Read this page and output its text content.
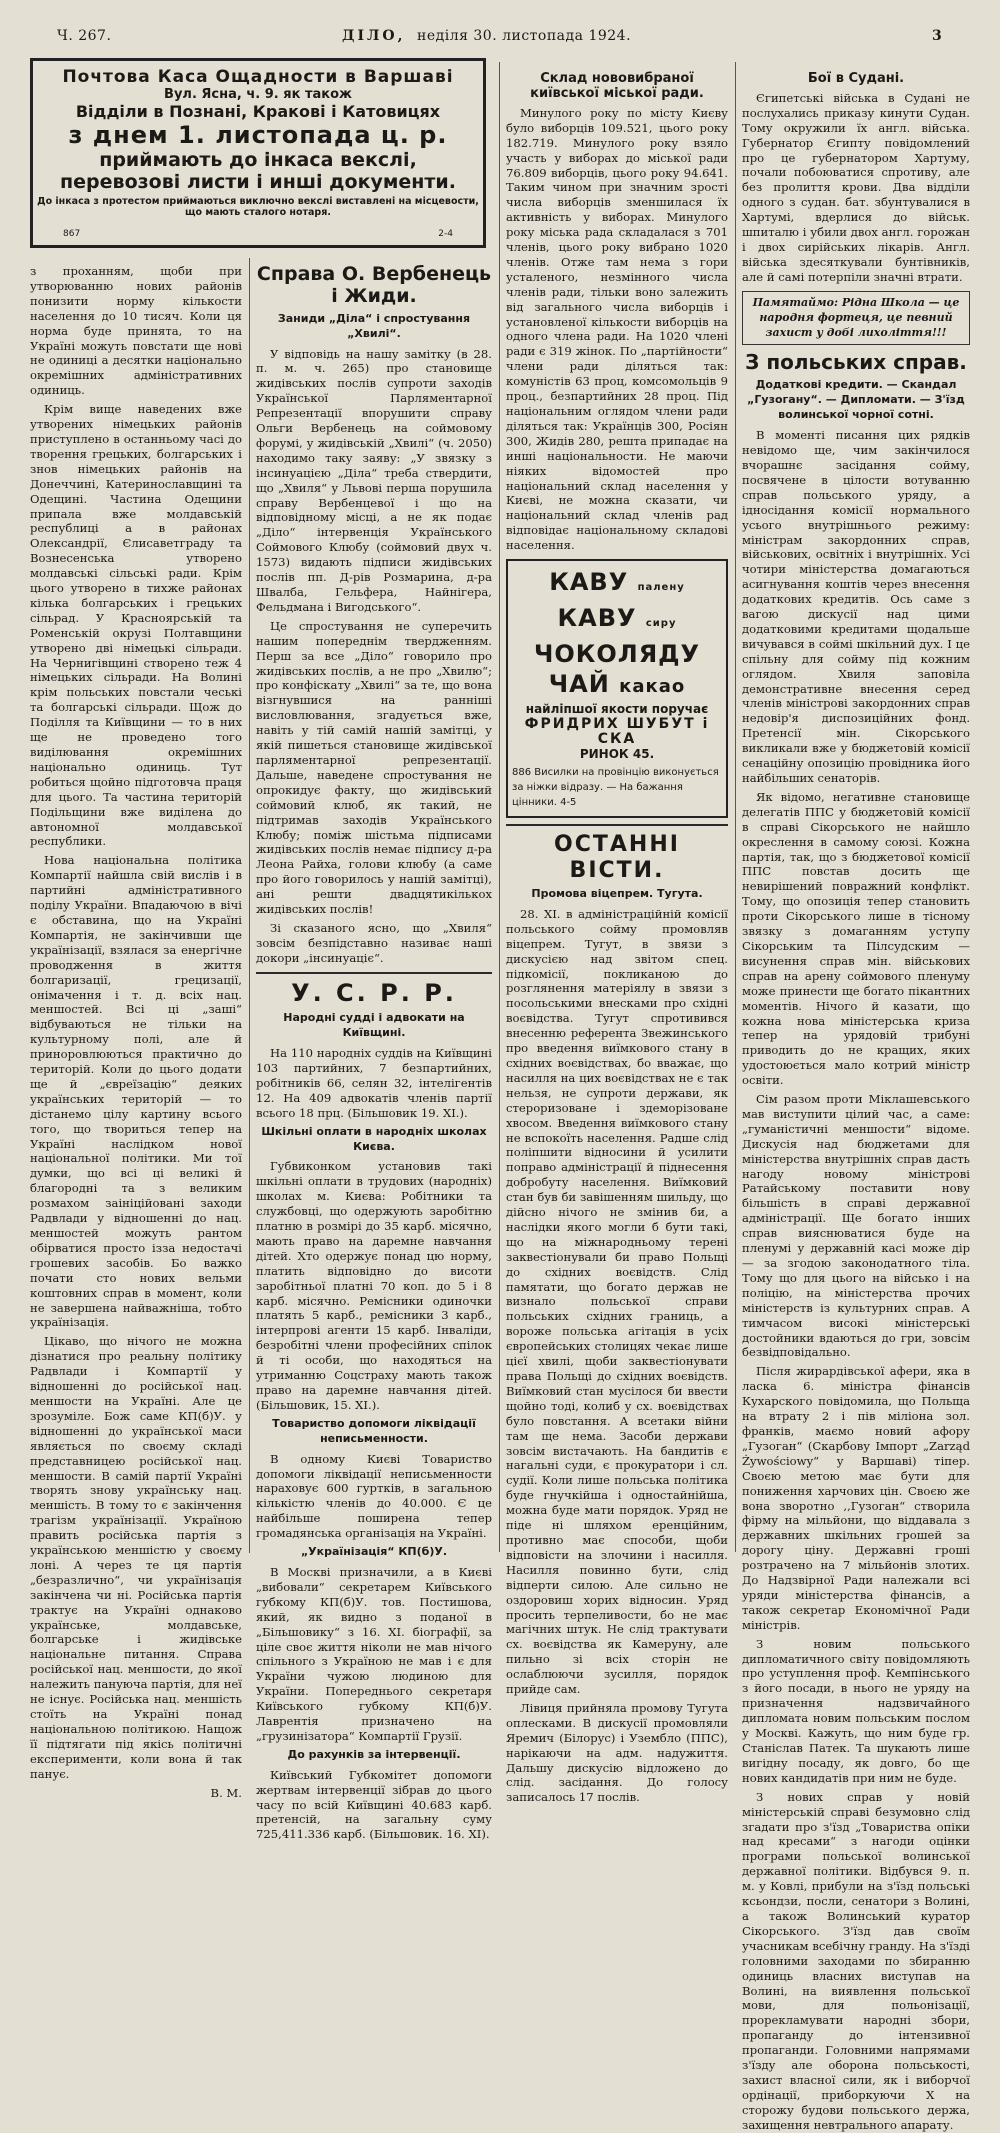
Ч. 267.	ДІЛО, неділя 30. листопада 1924.	3
Почтова Каса Ощадности в Варшаві
Вул. Ясна, ч. 9. як також
Відділи в Познані, Кракові і Катовицях
з днем 1. листопада ц. р.
приймають до інкаса векслі, перевозові листи і инші документи.
До інкаса з протестом приймаються виключно векслі виставлені на місцевости, що мають сталого нотаря.
867	2-4

з проханням, щоби при утворюванню нових районів понизити норму кількости населення до 10 тисяч. Коли ця норма буде принята, то на Україні можуть повстати ще нові не одиниці а десятки національно окремішних адміністративних одиниць.

Крім вище наведених вже утворених німецьких районів приступлено в останньому часі до творення грецьких, болгарських і знов німецьких районів на Донеччині, Катеринославщині та Одещині. Частина Одещини припала вже молдавській республиці а в районах Олександрії, Єлисаветграду та Вознесенська утворено молдавські сільські ради. Крім цього утворено в тихже районах кілька болгарських і грецьких сільрад. У Красноярській та Роменській окрузі Полтавщини утворено дві німецькі сільради. На Чернигівщині створено теж 4 німецьких сільради. На Волині крім польських повстали чеські та болгарські сільради. Щож до Поділля та Київщини — то в них ще не проведено того виділювання окремішних національно одиниць. Тут робиться щойно підготовча праця для цього. Та частина територій Подільщини вже виділена до автономної молдавської республики.

Нова національна політика Компартії найшла свій вислів і в партийні адміністративного поділу України. Впадаючою в вічі є обставина, що на Україні Компартія, не закінчивши ще українізації, взялася за енергічне проводження в життя болгаризації, грецизації, онімачення і т. д. всіх нац. меншостей. Всі ці „заші“ відбуваються не тільки на культурному полі, але й приноровлюються практично до територій. Коли до цього додати ще й „євреїзацію“ деяких українських територій — то дістанемо цілу картину всього того, що твориться тепер на Україні наслідком нової національної політики. Ми тої думки, що всі ці великі й благородні та з великим розмахом заініційовані заходи Радвлади у відношенні до нац. меншостей можуть рантом обірватися просто ізза недостачі грошевих засобів. Бо важко почати сто нових вельми коштовних справ в момент, коли не завершена найважніша, тобто українізація.

Цікаво, що нічого не можна дізнатися про реальну політику Радвлади і Компартії у відношенні до російської нац. меншости на Україні. Але це зрозуміле. Бож саме КП(б)У. у відношенні до української маси являється по своєму складі представницею російської нац. меншости. В самій партії Україні творять знову українську нац. меншість. В тому то є закінчення трагізм українізації. Україною править російська партія з українською меншістю у своєму лоні. А через те ця партія „безразлично“, чи українізація закінчена чи ні. Російська партія трактує на Україні однаково українське, молдавське, болгарське і жидівське національне питання. Справа російської нац. меншости, до якої належить пануюча партія, для неї не існує. Російська нац. меншість стоїть на Україні понад національною політикою. Нащож її підтягати під якісь політичні експерименти, коли вона й так панує.

В. М.

Справа О. Вербенець і Жиди.
Заниди „Діла“ і спростування „Хвилі“.

У відповідь на нашу замітку (в 28. п. м. ч. 265) про становище жидівських послів супроти заходів Української Парляментарної Репрезентації впорушити справу Ольги Вербенець на соймовому форумі, у жидівській „Хвилі“ (ч. 2050) находимо таку заяву: „У звязку з інсинуацією „Діла“ треба ствердити, що „Хвиля“ у Львові перша порушила справу Вербенцевої і що на відповідному місці, а не як подає „Діло“ інтервенція Українського Соймового Клюбу (соймовий двух ч. 1573) видають підписи жидівських послів пп. Д-рів Розмарина, д-ра Швалба, Гельфера, Найнігера, Фельдмана і Вигодського“.

Це спростування не суперечить нашим попереднім твердженням. Перш за все „Діло“ говорило про жидівських послів, а не про „Хвилю“; про конфіскату „Хвилі“ за те, що вона візгнувшися на ранніші висловлювання, згадується вже, навіть у тій самій нашій замітці, у якій пишеться становище жидівської парляментарної репрезентації. Дальше, наведене спростування не опрокидує факту, що жидівський соймовий клюб, як такий, не підтримав заходів Українського Клюбу; поміж шістьма підписами жидівських послів немає підпису д-ра Леона Райха, голови клюбу (а саме про його говорилось у нашій замітці), ані решти двадцятикількох жидівських послів!

Зі сказаного ясно, що „Хвиля“ зовсім безпідставно називає наші докори „інсинуаціє“.

У. С. Р. Р.
Народні судді і адвокати на Київщині.

На 110 народніх суддів на Київщині 103 партийних, 7 безпартийних, робітників 66, селян 32, інтелігентів 12. На 409 адвокатів членів партії всього 18 прц. (Більшовик 19. XI.).

Шкільні оплати в народніх школах Києва.

Губвиконком установив такі шкільні оплати в трудових (народніх) школах м. Києва: Робітники та службовці, що одержують заробітню платню в розмірі до 35 карб. місячно, мають право на даремне навчання дітей. Хто одержує понад цю норму, платить відповідно до висоти заробітньої платні 70 коп. до 5 і 8 карб. місячно. Ремісники одиночки платять 5 карб., ремісники 3 карб., інтерпрові агенти 15 карб. Інваліди, безробітні члени професійних спілок й ті особи, що находяться на утриманню Соцстраху мають також право на даремне навчання дітей. (Більшовик, 15. XI.).

Товариство допомоги ліквідації неписьменности.

В одному Києві Товариство допомоги ліквідації неписьменности нараховує 600 гуртків, в загальною кількістю членів до 40.000. Є це найбільше поширена тепер громадянська організація на Україні.

„Українізація“ КП(б)У.

В Москві призначили, а в Києві „вибовали“ секретарем Київського губкому КП(б)У. тов. Постишова, який, як видно з поданої в „Більшовику“ з 16. XI. біографії, за ціле своє життя ніколи не мав нічого спільного з Україною не мав і є для України чужою людиною для України. Попереднього секретаря Київського губкому КП(б)У. Лаврентія призначено на „грузинізатора“ Компартії Грузії.

До рахунків за інтервенції.

Київський Губкомітет допомоги жертвам інтервенції зібрав до цього часу по всій Київщині 40.683 карб. претенсій, на загальну суму 725,411.336 карб. (Більшовик. 16. XI).

Склад нововибраної київської міської ради.

Минулого року по місту Києву було виборців 109.521, цього року 182.719. Минулого року взяло участь у виборах до міської ради 76.809 виборців, цього року 94.641. Таким чином при значним зрості числа виборців зменшилася їх активність у виборах. Минулого року міська рада складалася з 701 членів, цього року вибрано 1020 членів. Отже там нема з гори усталеного, незмінного числа членів ради, тільки воно залежить від загального числа виборців і установленої кількости виборців на одного члена ради. На 1020 члені ради є 319 жінок. По „партійности“ члени ради діляться так: комуністів 63 проц, комсомольців 9 проц., безпартийних 28 проц. Під національним оглядом члени ради діляться так: Українців 300, Росіян 300, Жидів 280, решта припадає на инші національности. Не маючи ніяких відомостей про національний склад населення у Києві, не можна сказати, чи національний склад членів рад відповідає національному складові населення.

КАВУ палену КАВУ сиру
ЧОКОЛЯДУ ЧАЙ какао
найліпшої якости поручає
ФРИДРИХ ШУБУТ і СКА
РИНОК 45.
886 Висилки на провінцію виконується за ніжки відразу. — На бажання цінники. 4-5
ОСТАННІ ВІСТИ.
Промова віцепрем. Тугута.

28. XI. в адміністраційній комісії польського сойму промовляв віцепрем. Тугут, в звязи з дискусією над звітом спец. підкомісії, покликаною до розглянення матеріялу в звязи з посольськими внесками про східні воєвідства. Тугут спротивився внесенню референта Звежинського про введення виїмкового стану в східних воєвідствах, бо вважає, що насилля на цих воєвідствах не є так нельзя, не супроти держави, як стероризоване і здеморізоване хвосом. Введення виїмкового стану не вспокоїть населення. Радше слід поліпшити відносини й усилити поправо адміністрації й піднесення добробуту населення. Виїмковий стан був би завішенням шильду, що дійсно нічого не змінив би, а наслідки якого могли б бути такі, що на міжнародньому терені заквестіонували би право Польщі до східних воєвідств. Слід памятати, що богато держав не визнало польської справи польських східних границь, а вороже польська агітація в усіх європейських столицях чекає лише цієї хвилі, щоби заквестіонувати права Польщі до східних воєвідств. Виїмковий стан мусілося би ввести щойно тоді, колиб у сх. воєвідствах було повстання. А всетаки війни там ще нема. Засоби держави зовсім вистачають. На бандитів є нагальні суди, є прокуратори і сл. судії. Коли лише польська політика буде гнучкійша і одностайнійша, можна буде мати порядок. Уряд не піде ні шляхом еренційним, противно має способи, щоби відповісти на злочини і насилля. Насилля повинно бути, слід відперти силою. Але сильно не оздоровиш хорих відносин. Уряд просить терпеливости, бо не має магічних штук. Не слід трактувати сх. воєвідства як Камеруну, але пильно зі всіх сторін не ослаблюючи зусилля, порядок прийде сам.

Лівиця прийняла промову Тугута оплесками. В дискусії промовляли Яремич (Білорус) і Узембло (ППС), нарікаючи на адм. надужиття. Дальшу дискусію відложено до слід. засідання. До голосу записалось 17 послів.

Бої в Судані.

Єгипетські війська в Судані не послухались приказу кинути Судан. Тому окружили їх англ. війська. Губернатор Єгипту повідомлений про це губернатором Хартуму, почали побоюватися спротиву, але без пролиття крови. Два відділи одного з судан. бат. збунтувалися в Хартумі, вдерлися до військ. шпиталю і убили двох англ. горожан і двох сирійських лікарів. Англ. війська здесяткували бунтівників, але й самі потерпіли значні втрати.

Памятаймо: Рідна Школа — це народня фортеця, це певний захист у добі лихоліття!!!
З польських справ.
Додаткові кредити. — Скандал „Гузогану“. — Дипломати. — З'їзд волинської чорної сотні.

В моменті писання цих рядків невідомо ще, чим закінчилося вчорашнє засідання сойму, посвячене в цілости вотуванню справ польського уряду, а ідносідання комісії нормального усього внутрішнього режиму: міністрам закордонних справ, військових, освітніх і внутрішніх. Усі чотири міністерства домагаються асигнування коштів через внесення додаткових кредитів. Ось саме з вагою дискусії над цими додатковими кредитами щодальше вичувався в соймі шкільний дух. І це спільну для сойму під кожним оглядом. Хвиля заповіла демонстративне внесення серед членів міністрові закордонних справ недовір'я диспозиційних фонд. Претенсії мін. Сікорського викликали вже у бюджетовій комісії сенаційну опозицію провідника його найбільших сенаторів.

Як відомо, негативне становище делегатів ППС у бюджетовій комісії в справі Сікорського не найшло окреслення в самому союзі. Кожна партія, так, що з бюджетової комісії ППС повстав досить ще невирішений повражний конфлікт. Тому, що опозиція тепер становить проти Сікорського лише в тісному звязку з домаганням уступу Сікорським та Пілсудским — висунення справ мін. військових справ на арену соймового пленуму може принести ще богато пікантних моментів. Нічого й казати, що кожна нова міністерська криза тепер на урядовій трибуні приводить до не кращих, яких удостоюється мало котрий міністр освіти.

Сім разом проти Міклашевського мав виступити цілий час, а саме: „гуманістичні меншости“ відоме. Дискусія над бюджетами для міністерства внутрішніх справ дасть нагоду новому міністрові Ратайському поставити нову більшість в справі державної адміністрації. Ще богато інших справ вияснюватися буде на пленумі у державній касі може дір — за згодою законодатного тіла. Тому що для цього на військо і на поліцію, на міністерства прочих міністерств із культурних справ. А тимчасом високі міністерські достойники вдаються до гри, зовсім безвідповідально.

Після жирардівської афери, яка в ласка 6. міністра фінансів Кухарского повідомила, що Польща на втрату 2 і пів міліона зол. франків, маємо новий афору „Гузоган“ (Скарбову Імпорт „Zarząd Żywościowy“ у Варшаві) тіпер. Своєю метою має бути для пониження харчових цін. Своєю же вона зворотно ,,Гузоган“ створила фірму на мільйони, що віддавала з державних шкільних грошей за дорогу ціну. Державні гроші розтрачено на 7 мільйонів злотих. До Надзвірної Ради належали всі уряди міністерства фінансів, а також секретар Економічної Ради міністрів.

З новим польського дипломатичного світу повідомляють про уступлення проф. Кемпінського з його посади, в нього не уряду на призначення надзвичайного дипломата новим польським послом у Москві. Кажуть, що ним буде гр. Станіслав Патек. Та шукають лише вигідну посаду, як довго, бо ще нових кандидатів при ним не буде.

З нових справ у новій міністерській справі безумовно слід згадати про з'їзд „Товариства опіки над кресами“ з нагоди оцінки програми польської волинської державної політики. Відбувся 9. п. м. у Ковлі, прибули на з'їзд польські ксьондзи, посли, сенатори з Волині, а також Волинський куратор Сікорського. З'їзд дав своїм учасникам всебічну гранду. На з'їзді головними заходами по збиранню одиниць власних виступав на Волині, на виявлення польської мови, для польонізації, прорекламувати народні збори, пропаганду до інтензивної пропаганди. Головними напрямами з'їзду але оборона польськості, захист власної сили, як і виборчої ордінації, приборкуючи X на сторожу будови польського держа, захищення невтрального апарату.
